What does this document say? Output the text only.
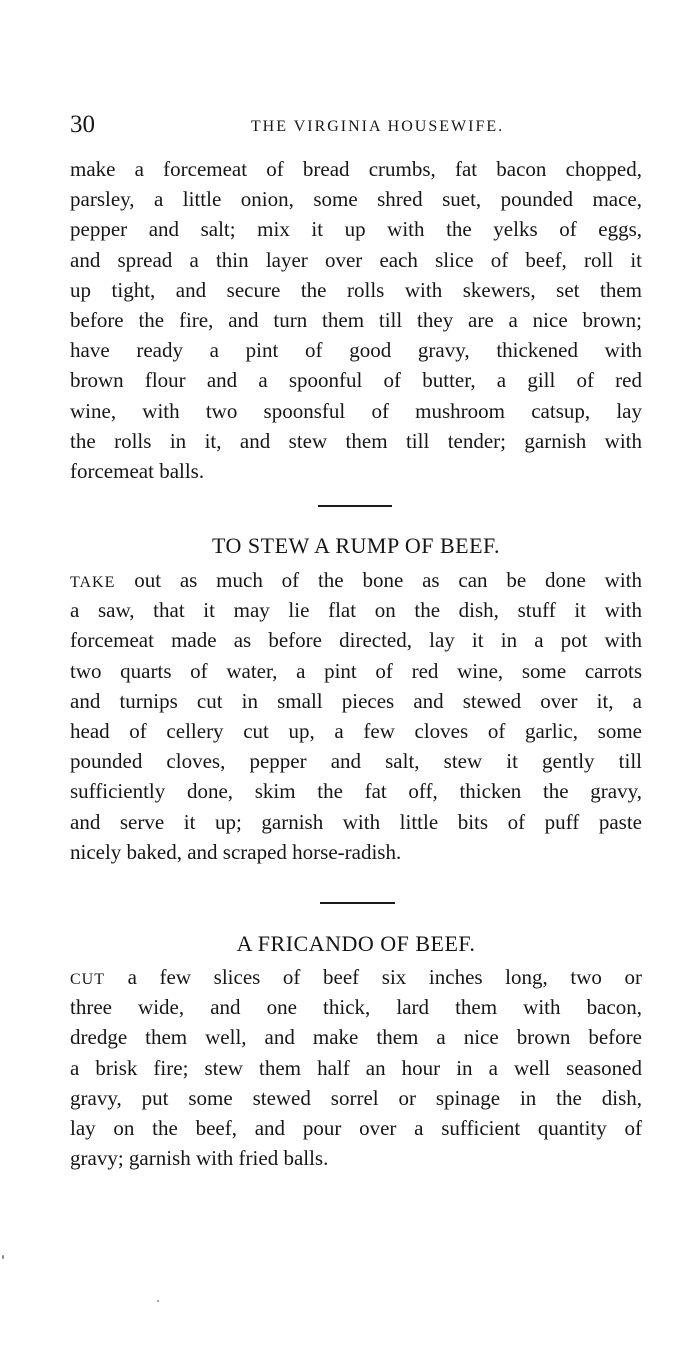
30	THE VIRGINIA HOUSEWIFE.
make a forcemeat of bread crumbs, fat bacon chopped,
parsley, a little onion, some shred suet, pounded mace,
pepper and salt; mix it up with the yelks of eggs,
and spread a thin layer over each slice of beef, roll it
up tight, and secure the rolls with skewers, set them
before the fire, and turn them till they are a nice brown;
have ready a pint of good gravy, thickened with
brown flour and a spoonful of butter, a gill of red
wine, with two spoonsful of mushroom catsup, lay
the rolls in it, and stew them till tender; garnish with
forcemeat balls.
TO STEW A RUMP OF BEEF.
TAKE out as much of the bone as can be done with
a saw, that it may lie flat on the dish, stuff it with
forcemeat made as before directed, lay it in a pot with
two quarts of water, a pint of red wine, some carrots
and turnips cut in small pieces and stewed over it, a
head of cellery cut up, a few cloves of garlic, some
pounded cloves, pepper and salt, stew it gently till
sufficiently done, skim the fat off, thicken the gravy,
and serve it up; garnish with little bits of puff paste
nicely baked, and scraped horse-radish.
A FRICANDO OF BEEF.
CUT a few slices of beef six inches long, two or
three wide, and one thick, lard them with bacon,
dredge them well, and make them a nice brown before
a brisk fire; stew them half an hour in a well seasoned
gravy, put some stewed sorrel or spinage in the dish,
lay on the beef, and pour over a sufficient quantity of
gravy; garnish with fried balls.
